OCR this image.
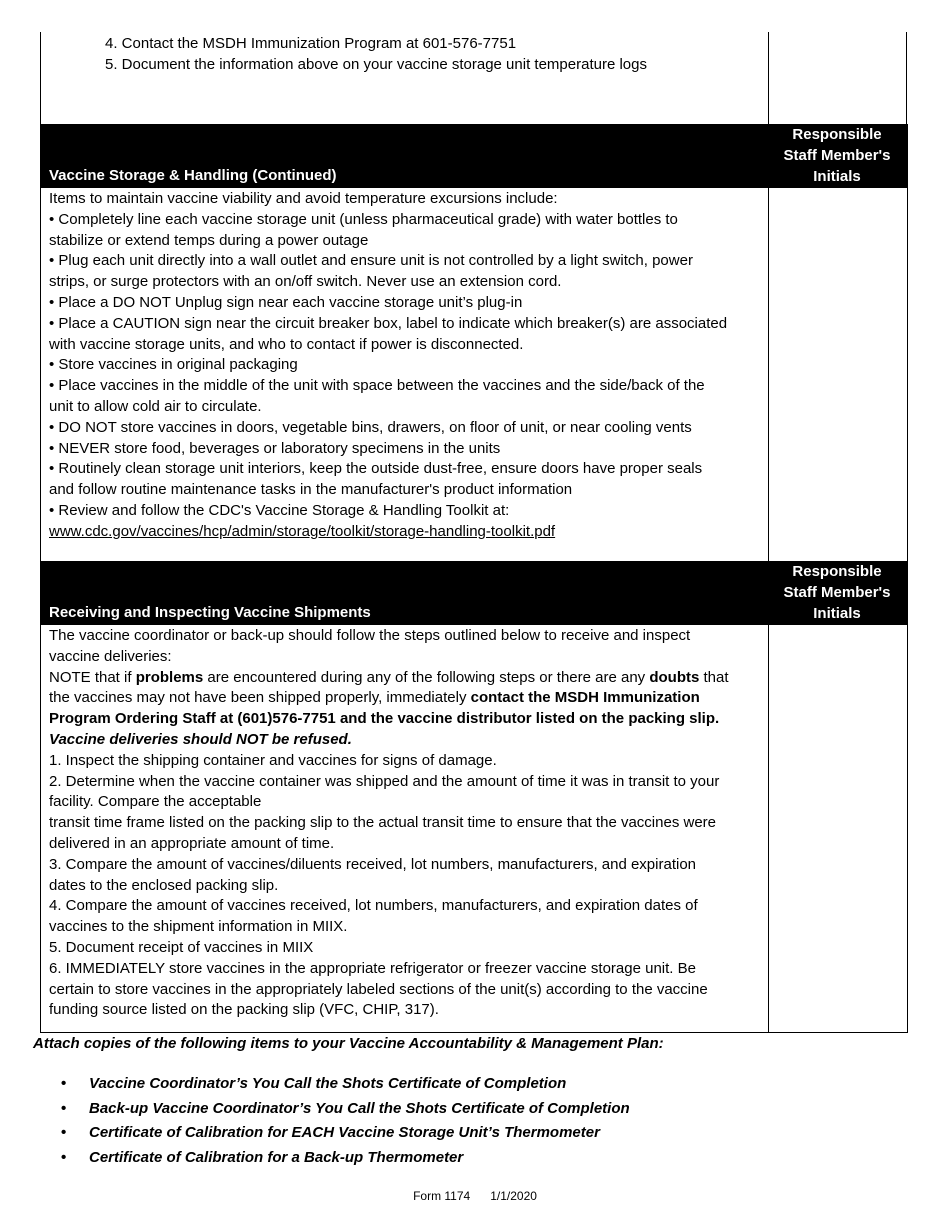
4. Contact the MSDH Immunization Program at 601-576-7751
5. Document the information above on your vaccine storage unit temperature logs
Vaccine Storage & Handling (Continued)
Responsible
Staff Member's
Initials

Items to maintain vaccine viability and avoid temperature excursions include:

• Completely line each vaccine storage unit (unless pharmaceutical grade) with water bottles to

stabilize or extend temps during a power outage

• Plug each unit directly into a wall outlet and ensure unit is not controlled by a light switch, power

strips, or surge protectors with an on/off switch. Never use an extension cord.

• Place a DO NOT Unplug sign near each vaccine storage unit’s plug-in

• Place a CAUTION sign near the circuit breaker box, label to indicate which breaker(s) are associated

with vaccine storage units, and who to contact if power is disconnected.

• Store vaccines in original packaging

• Place vaccines in the middle of the unit with space between the vaccines and the side/back of the

unit to allow cold air to circulate.

• DO NOT store vaccines in doors, vegetable bins, drawers, on floor of unit, or near cooling vents

• NEVER store food, beverages or laboratory specimens in the units

• Routinely clean storage unit interiors, keep the outside dust-free, ensure doors have proper seals

and follow routine maintenance tasks in the manufacturer's product information

• Review and follow the CDC's Vaccine Storage & Handling Toolkit at:

www.cdc.gov/vaccines/hcp/admin/storage/toolkit/storage-handling-toolkit.pdf

Receiving and Inspecting Vaccine Shipments
Responsible
Staff Member's
Initials

The vaccine coordinator or back-up should follow the steps outlined below to receive and inspect

vaccine deliveries:

NOTE that if problems are encountered during any of the following steps or there are any doubts that

the vaccines may not have been shipped properly, immediately contact the MSDH Immunization

Program Ordering Staff at (601)576-7751 and the vaccine distributor listed on the packing slip.

Vaccine deliveries should NOT be refused.

1. Inspect the shipping container and vaccines for signs of damage.

2. Determine when the vaccine container was shipped and the amount of time it was in transit to your

facility. Compare the acceptable

transit time frame listed on the packing slip to the actual transit time to ensure that the vaccines were

delivered in an appropriate amount of time.

3. Compare the amount of vaccines/diluents received, lot numbers, manufacturers, and expiration

dates to the enclosed packing slip.

4. Compare the amount of vaccines received, lot numbers, manufacturers, and expiration dates of

vaccines to the shipment information in MIIX.

5. Document receipt of vaccines in MIIX

6. IMMEDIATELY store vaccines in the appropriate refrigerator or freezer vaccine storage unit. Be

certain to store vaccines in the appropriately labeled sections of the unit(s) according to the vaccine

funding source listed on the packing slip (VFC, CHIP, 317).

Attach copies of the following items to your Vaccine Accountability & Management Plan:
• Vaccine Coordinator’s You Call the Shots Certificate of Completion
• Back-up Vaccine Coordinator’s You Call the Shots Certificate of Completion
• Certificate of Calibration for EACH Vaccine Storage Unit’s Thermometer
• Certificate of Calibration for a Back-up Thermometer
Form 1174 1/1/2020
